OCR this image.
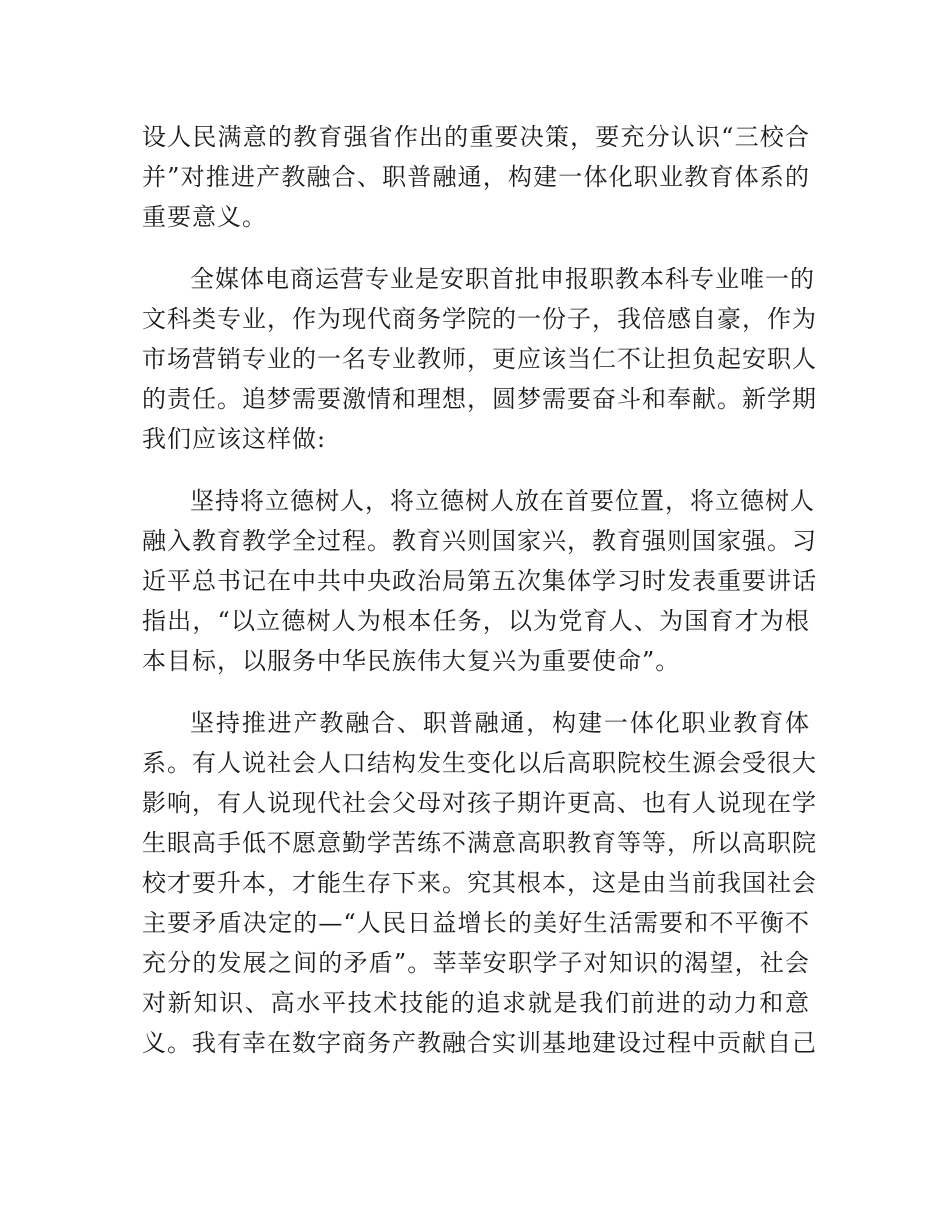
设人民满意的教育强省作出的重要决策，要充分认识“三校合
并”对推进产教融合、职普融通，构建一体化职业教育体系的
重要意义。
全媒体电商运营专业是安职首批申报职教本科专业唯一的
文科类专业，作为现代商务学院的一份子，我倍感自豪，作为
市场营销专业的一名专业教师，更应该当仁不让担负起安职人
的责任。追梦需要激情和理想，圆梦需要奋斗和奉献。新学期
我们应该这样做:
坚持将立德树人，将立德树人放在首要位置，将立德树人
融入教育教学全过程。教育兴则国家兴，教育强则国家强。习
近平总书记在中共中央政治局第五次集体学习时发表重要讲话
指出，“以立德树人为根本任务，以为党育人、为国育才为根
本目标，以服务中华民族伟大复兴为重要使命”。
坚持推进产教融合、职普融通，构建一体化职业教育体
系。有人说社会人口结构发生变化以后高职院校生源会受很大
影响，有人说现代社会父母对孩子期许更高、也有人说现在学
生眼高手低不愿意勤学苦练不满意高职教育等等，所以高职院
校才要升本，才能生存下来。究其根本，这是由当前我国社会
主要矛盾决定的—“人民日益增长的美好生活需要和不平衡不
充分的发展之间的矛盾”。莘莘安职学子对知识的渴望，社会
对新知识、高水平技术技能的追求就是我们前进的动力和意
义。我有幸在数字商务产教融合实训基地建设过程中贡献自己
